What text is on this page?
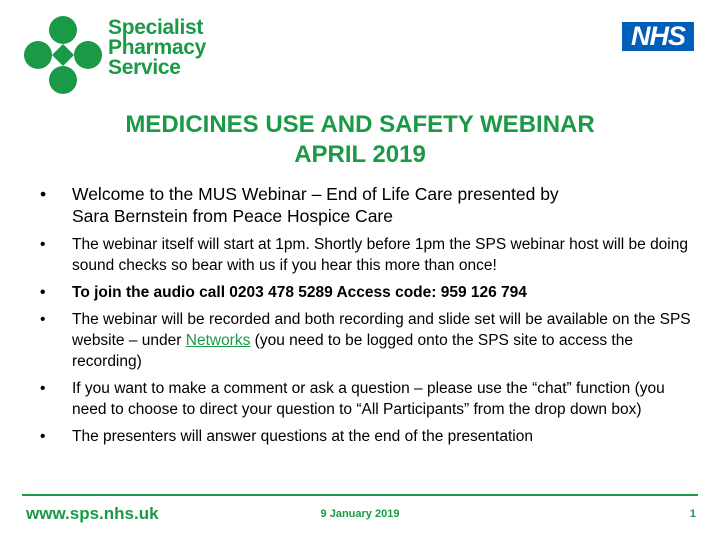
Specialist
Pharmacy
Service
NHS
MEDICINES USE AND SAFETY WEBINAR
APRIL 2019
• Welcome to the MUS Webinar – End of Life Care presented by
Sara Bernstein from Peace Hospice Care
• The webinar itself will start at 1pm. Shortly before 1pm the SPS webinar host will be doing sound checks so bear with us if you hear this more than once!
• To join the audio call 0203 478 5289 Access code: 959 126 794
• The webinar will be recorded and both recording and slide set will be available on the SPS website – under Networks (you need to be logged onto the SPS site to access the recording)
• If you want to make a comment or ask a question – please use the “chat” function (you need to choose to direct your question to “All Participants” from the drop down box)
• The presenters will answer questions at the end of the presentation
www.sps.nhs.uk	9 January 2019	1
